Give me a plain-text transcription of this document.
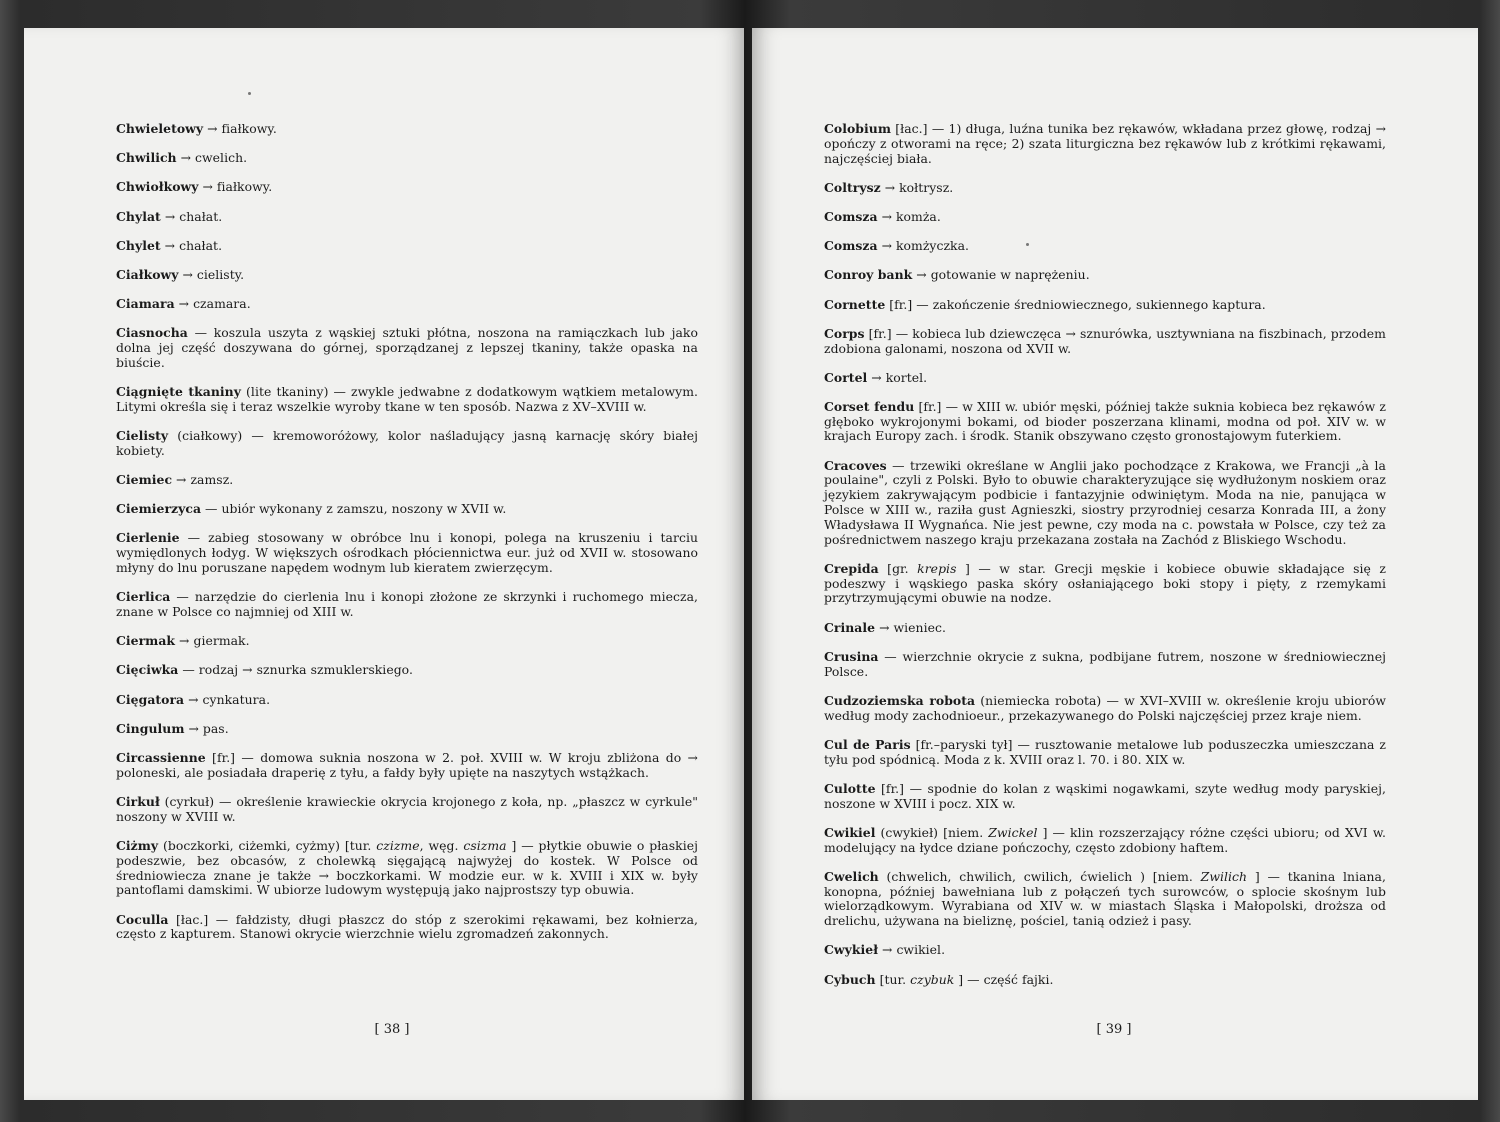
Chwieletowy → fiałkowy.

Chwilich → cwelich.

Chwiołkowy → fiałkowy.

Chylat → chałat.

Chylet → chałat.

Ciałkowy → cielisty.

Ciamara → czamara.

Ciasnocha — koszula uszyta z wąskiej sztuki płótna, noszona na ramiączkach lub jako dolna jej część doszywana do górnej, sporządzanej z lepszej tkaniny, także opaska na biuście.

Ciągnięte tkaniny (lite tkaniny) — zwykle jedwabne z dodatkowym wątkiem metalowym. Litymi określa się i teraz wszelkie wyroby tkane w ten sposób. Nazwa z XV–XVIII w.

Cielisty (ciałkowy) — kremoworóżowy, kolor naśladujący jasną karnację skóry białej kobiety.

Ciemiec → zamsz.

Ciemierzyca — ubiór wykonany z zamszu, noszony w XVII w.

Cierlenie — zabieg stosowany w obróbce lnu i konopi, polega na kruszeniu i tarciu wymiędlonych łodyg. W większych ośrodkach płóciennictwa eur. już od XVII w. stosowano młyny do lnu poruszane napędem wodnym lub kieratem zwierzęcym.

Cierlica — narzędzie do cierlenia lnu i konopi złożone ze skrzynki i ruchomego miecza, znane w Polsce co najmniej od XIII w.

Ciermak → giermak.

Cięciwka — rodzaj → sznurka szmuklerskiego.

Cięgatora → cynkatura.

Cingulum → pas.

Circassienne [fr.] — domowa suknia noszona w 2. poł. XVIII w. W kroju zbliżona do → poloneski, ale posiadała draperię z tyłu, a fałdy były upięte na naszytych wstążkach.

Cirkuł (cyrkuł) — określenie krawieckie okrycia krojonego z koła, np. „płaszcz w cyrkule" noszony w XVIII w.

Ciżmy (boczkorki, ciżemki, cyżmy) [tur. czizme, węg. csizma ] — płytkie obuwie o płaskiej podeszwie, bez obcasów, z cholewką sięgającą najwyżej do kostek. W Polsce od średniowiecza znane je także → boczkorkami. W modzie eur. w k. XVIII i XIX w. były pantoflami damskimi. W ubiorze ludowym występują jako najprostszy typ obuwia.

Coculla [łac.] — fałdzisty, długi płaszcz do stóp z szerokimi rękawami, bez kołnierza, często z kapturem. Stanowi okrycie wierzchnie wielu zgromadzeń zakonnych.

[ 38 ]

Colobium [łac.] — 1) długa, luźna tunika bez rękawów, wkładana przez głowę, rodzaj → opończy z otworami na ręce; 2) szata liturgiczna bez rękawów lub z krótkimi rękawami, najczęściej biała.

Coltrysz → kołtrysz.

Comsza → komża.

Comsza → komżyczka.

Conroy bank → gotowanie w naprężeniu.

Cornette [fr.] — zakończenie średniowiecznego, sukiennego kaptura.

Corps [fr.] — kobieca lub dziewczęca → sznurówka, usztywniana na fiszbinach, przodem zdobiona galonami, noszona od XVII w.

Cortel → kortel.

Corset fendu [fr.] — w XIII w. ubiór męski, później także suknia kobieca bez rękawów z głęboko wykrojonymi bokami, od bioder poszerzana klinami, modna od poł. XIV w. w krajach Europy zach. i środk. Stanik obszywano często gronostajowym futerkiem.

Cracoves — trzewiki określane w Anglii jako pochodzące z Krakowa, we Francji „à la poulaine", czyli z Polski. Było to obuwie charakteryzujące się wydłużonym noskiem oraz językiem zakrywającym podbicie i fantazyjnie odwiniętym. Moda na nie, panująca w Polsce w XIII w., raziła gust Agnieszki, siostry przyrodniej cesarza Konrada III, a żony Władysława II Wygnańca. Nie jest pewne, czy moda na c. powstała w Polsce, czy też za pośrednictwem naszego kraju przekazana została na Zachód z Bliskiego Wschodu.

Crepida [gr. krepis ] — w star. Grecji męskie i kobiece obuwie składające się z podeszwy i wąskiego paska skóry osłaniającego boki stopy i pięty, z rzemykami przytrzymującymi obuwie na nodze.

Crinale → wieniec.

Crusina — wierzchnie okrycie z sukna, podbijane futrem, noszone w średniowiecznej Polsce.

Cudzoziemska robota (niemiecka robota) — w XVI–XVIII w. określenie kroju ubiorów według mody zachodnioeur., przekazywanego do Polski najczęściej przez kraje niem.

Cul de Paris [fr.–paryski tył] — rusztowanie metalowe lub poduszeczka umieszczana z tyłu pod spódnicą. Moda z k. XVIII oraz l. 70. i 80. XIX w.

Culotte [fr.] — spodnie do kolan z wąskimi nogawkami, szyte według mody paryskiej, noszone w XVIII i pocz. XIX w.

Cwikiel (cwykieł) [niem. Zwickel ] — klin rozszerzający różne części ubioru; od XVI w. modelujący na łydce dziane pończochy, często zdobiony haftem.

Cwelich (chwelich, chwilich, cwilich, ćwielich ) [niem. Zwilich ] — tkanina lniana, konopna, później bawełniana lub z połączeń tych surowców, o splocie skośnym lub wielorządkowym. Wyrabiana od XIV w. w miastach Śląska i Małopolski, droższa od drelichu, używana na bieliznę, pościel, tanią odzież i pasy.

Cwykieł → cwikiel.

Cybuch [tur. czybuk ] — część fajki.

[ 39 ]
